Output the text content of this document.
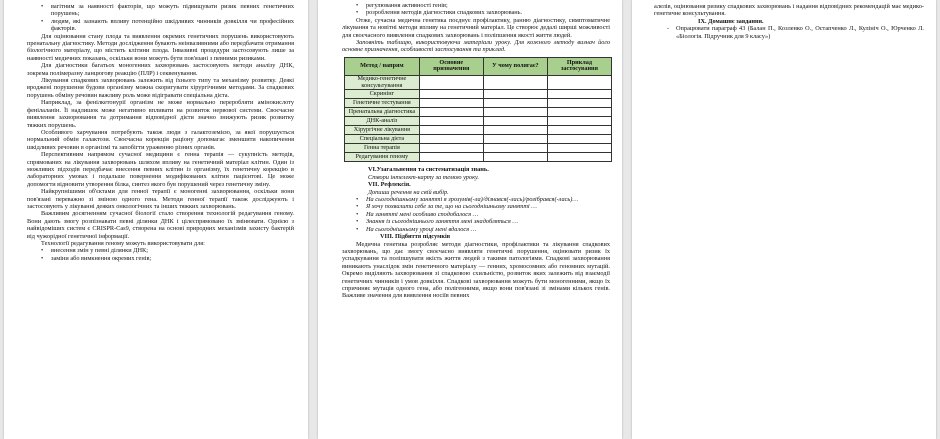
• вагітним за наявності факторів, що можуть підвищувати ризик певних генетичних порушень;

• людям, які зазнають впливу потенційно шкідливих чинників довкілля чи професійних факторів.

Для оцінювання стану плода та виявлення окремих генетичних порушень використовують пренатальну діагностику. Методи дослідження бувають неінвазивними або передбачати отримання біологічного матеріалу, що містить клітини плода. Інвазивні процедури застосовують лише за наявності медичних показань, оскільки вони можуть бути пов'язані з певними ризиками.

Для діагностики багатьох моногенних захворювань застосовують методи аналізу ДНК, зокрема полімеразну ланцюгову реакцію (ПЛР) і секвенування.

Лікування спадкових захворювань залежить від їхнього типу та механізму розвитку. Деякі вроджені порушення будови організму можна скоригувати хірургічними методами. За спадкових порушень обміну речовин важливу роль може відігравати спеціальна дієта.

Наприклад, за фенілкетонурії організм не може нормально переробляти амінокислоту фенілаланін. Її надлишок може негативно впливати на розвиток нервової системи. Своєчасне виявлення захворювання та дотримання відповідної дієти значно знижують ризик розвитку тяжких порушень.

Особливого харчування потребують також люди з галактоземією, за якої порушується нормальний обмін галактози. Своєчасна корекція раціону допомагає зменшити накопичення шкідливих речовин в організмі та запобігти ураженню різних органів.

Перспективним напрямом сучасної медицини є генна терапія — сукупність методів, спрямованих на лікування захворювань шляхом впливу на генетичний матеріал клітин. Один із можливих підходів передбачає внесення певних клітин із організму, їх генетичну корекцію в лабораторних умовах і подальше повернення модифікованих клітин пацієнтові. Це може допомогти відновити утворення білка, синтез якого був порушений через генетичну зміну.

Найкрупнішими об'єктами для генної терапії є моногенні захворювання, оскільки вони пов'язані переважно зі зміною одного гена. Методи генної терапії також досліджують і застосовують у лікуванні деяких онкологічних та інших тяжких захворювань.

Важливим досягненням сучасної біології стало створення технологій редагування геному. Вони дають змогу розпізнавати певні ділянки ДНК і цілеспрямовано їх змінювати. Однією з найвідоміших систем є CRISPR-Cas9, створена на основі природних механізмів захисту бактерій від чужорідної генетичної інформації.

Технології редагування геному можуть використовувати для:

• внесення змін у певні ділянки ДНК;

• заміни або вимкнення окремих генів;

• регулювання активності генів;

• розроблення методів діагностики спадкових захворювань.

Отже, сучасна медична генетика поєднує профілактику, ранню діагностику, симптоматичне лікування та новітні методи впливу на генетичний матеріал. Це створює дедалі ширші можливості для своєчасного виявлення спадкових захворювань і поліпшення якості життя людей.

Заповніть таблицю, використовуючи матеріали уроку. Для кожного методу визнач його основне призначення, особливості застосування та приклад.

Метод / напрям	Основне призначення	У чому полягає?	Приклад застосування
Медико-генетичне консультування			
Скринінг			
Генетичне тестування			
Пренатальна діагностика			
ДНК-аналіз			
Хірургічне лікування			
Спеціальна дієта			
Генна терапія			
Редагування геному			

VI.Узагальнення та систематизація знань.

Створи інтелект-карту за темою уроку.

VII. Рефлексія.

Допиши речення на свій вибір.

• На сьогоднішньому занятті я зрозумів(-ла)/дізнався(-лась)/розібрався(-лась)…

• Я хочу похвалити себе за те, що на сьогоднішньому занятті …

• На занятті мені особливо сподобалося …

• Знання із сьогоднішнього заняття мені знадобляться …

• На сьогоднішньому уроці мені вдалося …

VIII. Підбиття підсумків

Медична генетика розробляє методи діагностики, профілактики та лікування спадкових захворювань, що дає змогу своєчасно виявляти генетичні порушення, оцінювати ризик їх успадкування та поліпшувати якість життя людей з такими патологіями. Спадкові захворювання виникають унаслідок змін генетичного матеріалу — генних, хромосомних або геномних мутацій. Окремо виділяють захворювання зі спадковою схильністю, розвиток яких залежить від взаємодії генетичних чинників і умов довкілля. Спадкові захворювання можуть бути моногенними, якщо їх спричиняє мутація одного гена, або полігенними, якщо вони пов'язані зі змінами кількох генів. Важливе значення для виявлення носіїв певних

алелів, оцінювання ризику спадкових захворювань і надання відповідних рекомендацій має медико-генетичне консультування.

IX. Домашнє завдання.

- Опрацювати параграф 43 (Балан П., Козленко О., Остапченко Л., Кулініч О., Юрченко Л. «Біологія. Підручник для 9 класу»)
